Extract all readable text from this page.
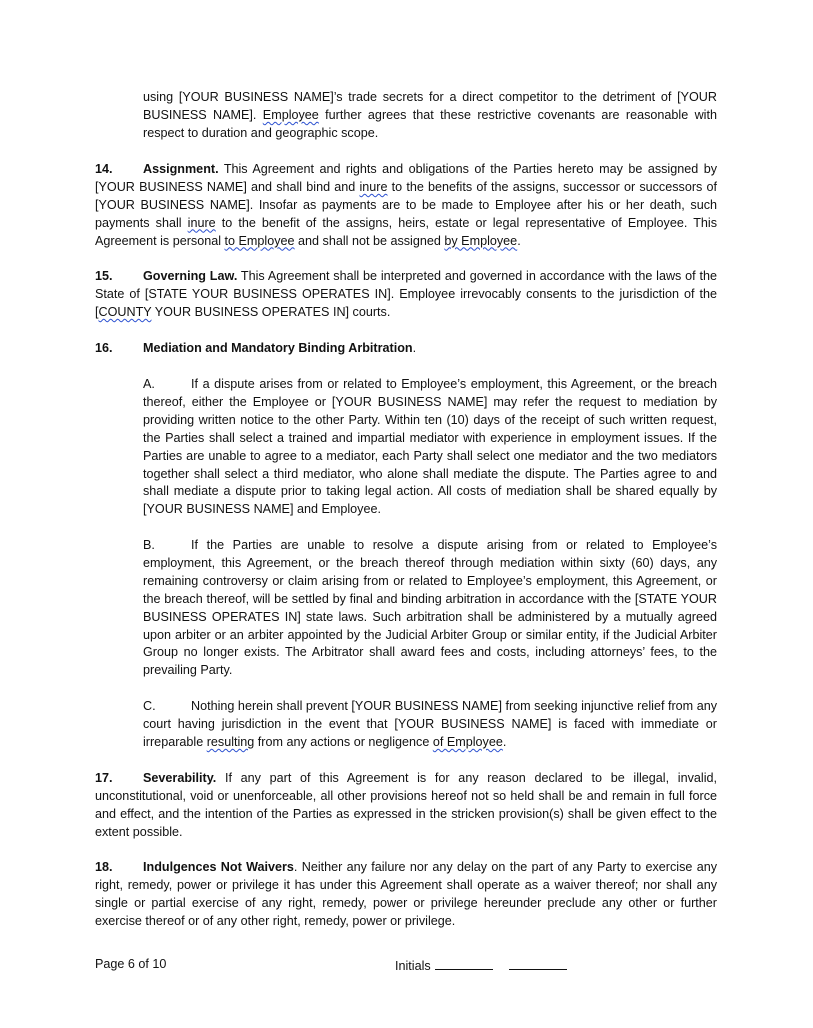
using [YOUR BUSINESS NAME]’s trade secrets for a direct competitor to the detriment of [YOUR BUSINESS NAME]. Employee further agrees that these restrictive covenants are reasonable with respect to duration and geographic scope.

14. Assignment. This Agreement and rights and obligations of the Parties hereto may be assigned by [YOUR BUSINESS NAME] and shall bind and inure to the benefits of the assigns, successor or successors of [YOUR BUSINESS NAME]. Insofar as payments are to be made to Employee after his or her death, such payments shall inure to the benefit of the assigns, heirs, estate or legal representative of Employee. This Agreement is personal to Employee and shall not be assigned by Employee.

15. Governing Law. This Agreement shall be interpreted and governed in accordance with the laws of the State of [STATE YOUR BUSINESS OPERATES IN]. Employee irrevocably consents to the jurisdiction of the [COUNTY YOUR BUSINESS OPERATES IN] courts.

16. Mediation and Mandatory Binding Arbitration.

A.	If a dispute arises from or related to Employee’s employment, this Agreement, or the breach thereof, either the Employee or [YOUR BUSINESS NAME] may refer the request to mediation by providing written notice to the other Party. Within ten (10) days of the receipt of such written request, the Parties shall select a trained and impartial mediator with experience in employment issues. If the Parties are unable to agree to a mediator, each Party shall select one mediator and the two mediators together shall select a third mediator, who alone shall mediate the dispute. The Parties agree to and shall mediate a dispute prior to taking legal action. All costs of mediation shall be shared equally by [YOUR BUSINESS NAME] and Employee.

B.	If the Parties are unable to resolve a dispute arising from or related to Employee’s employment, this Agreement, or the breach thereof through mediation within sixty (60) days, any remaining controversy or claim arising from or related to Employee’s employment, this Agreement, or the breach thereof, will be settled by final and binding arbitration in accordance with the [STATE YOUR BUSINESS OPERATES IN] state laws. Such arbitration shall be administered by a mutually agreed upon arbiter or an arbiter appointed by the Judicial Arbiter Group or similar entity, if the Judicial Arbiter Group no longer exists. The Arbitrator shall award fees and costs, including attorneys’ fees, to the prevailing Party.

C.	Nothing herein shall prevent [YOUR BUSINESS NAME] from seeking injunctive relief from any court having jurisdiction in the event that [YOUR BUSINESS NAME] is faced with immediate or irreparable resulting from any actions or negligence of Employee.

17. Severability. If any part of this Agreement is for any reason declared to be illegal, invalid, unconstitutional, void or unenforceable, all other provisions hereof not so held shall be and remain in full force and effect, and the intention of the Parties as expressed in the stricken provision(s) shall be given effect to the extent possible.

18. Indulgences Not Waivers. Neither any failure nor any delay on the part of any Party to exercise any right, remedy, power or privilege it has under this Agreement shall operate as a waiver thereof; nor shall any single or partial exercise of any right, remedy, power or privilege hereunder preclude any other or further exercise thereof or of any other right, remedy, power or privilege.

Page 6 of 10	Initials
